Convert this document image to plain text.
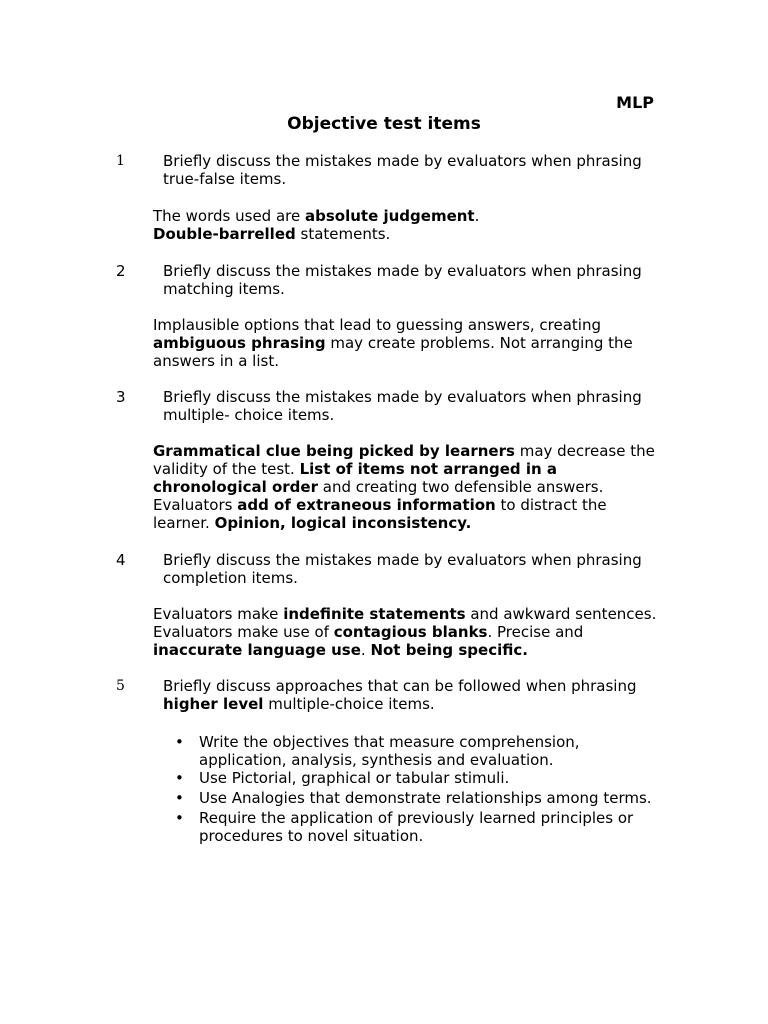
MLP
Objective test items
1	Briefly discuss the mistakes made by evaluators when phrasing true-false items.
The words used are absolute judgement.
Double-barrelled statements.
2	Briefly discuss the mistakes made by evaluators when phrasing matching items.
Implausible options that lead to guessing answers, creating ambiguous phrasing may create problems. Not arranging the answers in a list.
3	Briefly discuss the mistakes made by evaluators when phrasing multiple- choice items.
Grammatical clue being picked by learners may decrease the validity of the test. List of items not arranged in a chronological order and creating two defensible answers. Evaluators add of extraneous information to distract the learner. Opinion, logical inconsistency.
4	Briefly discuss the mistakes made by evaluators when phrasing completion items.
Evaluators make indefinite statements and awkward sentences. Evaluators make use of contagious blanks. Precise and inaccurate language use. Not being specific.
5	Briefly discuss approaches that can be followed when phrasing higher level multiple-choice items.
• Write the objectives that measure comprehension, application, analysis, synthesis and evaluation.
• Use Pictorial, graphical or tabular stimuli.
• Use Analogies that demonstrate relationships among terms.
• Require the application of previously learned principles or procedures to novel situation.
